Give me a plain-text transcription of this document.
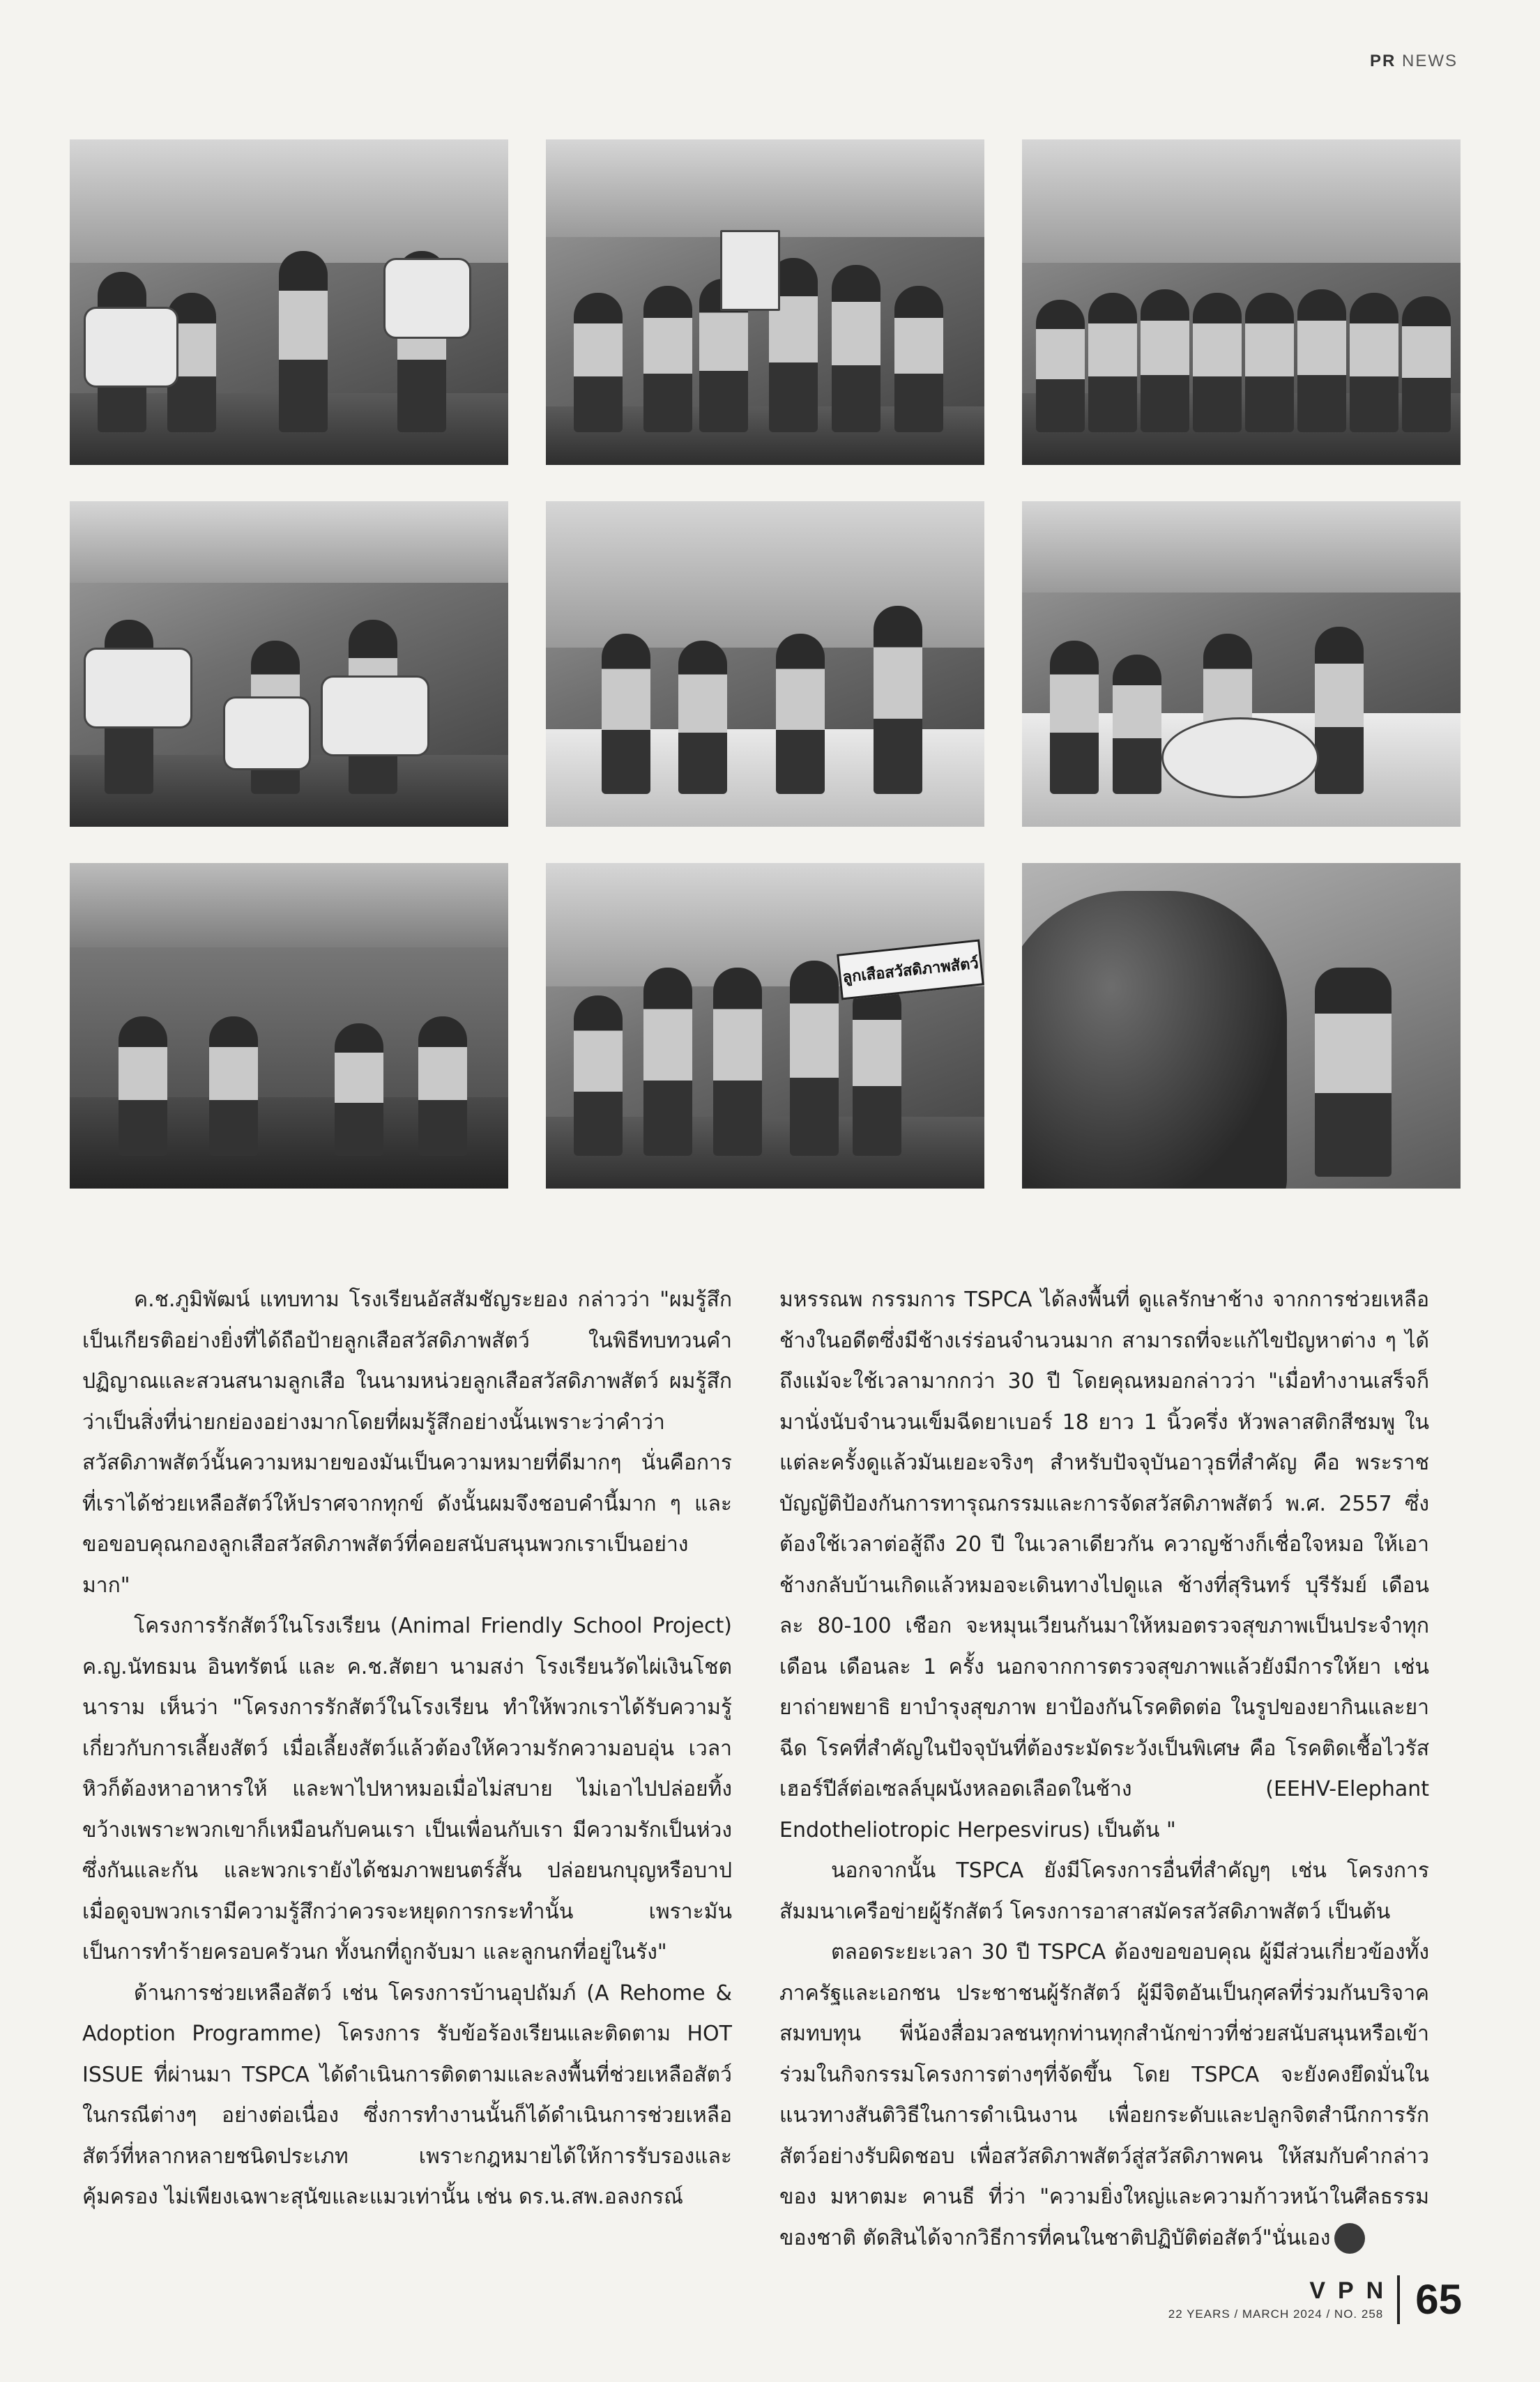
PR NEWS
ลูกเสือสวัสดิภาพสัตว์

ค.ช.ภูมิพัฒน์ แทบทาม โรงเรียนอัสสัมชัญระยอง กล่าวว่า "ผมรู้สึกเป็นเกียรติอย่างยิ่งที่ได้ถือป้ายลูกเสือสวัสดิภาพสัตว์ ในพิธีทบทวนคำปฏิญาณและสวนสนามลูกเสือ ในนามหน่วยลูกเสือสวัสดิภาพสัตว์ ผมรู้สึกว่าเป็นสิ่งที่น่ายกย่องอย่างมากโดยที่ผมรู้สึกอย่างนั้นเพราะว่าคำว่าสวัสดิภาพสัตว์นั้นความหมายของมันเป็นความหมายที่ดีมากๆ นั่นคือการที่เราได้ช่วยเหลือสัตว์ให้ปราศจากทุกข์ ดังนั้นผมจึงชอบคำนี้มาก ๆ และขอขอบคุณกองลูกเสือสวัสดิภาพสัตว์ที่คอยสนับสนุนพวกเราเป็นอย่างมาก"

โครงการรักสัตว์ในโรงเรียน (Animal Friendly School Project) ค.ญ.นัทธมน อินทรัตน์ และ ค.ช.สัตยา นามสง่า โรงเรียนวัดไผ่เงินโชตนาราม เห็นว่า "โครงการรักสัตว์ในโรงเรียน ทำให้พวกเราได้รับความรู้เกี่ยวกับการเลี้ยงสัตว์ เมื่อเลี้ยงสัตว์แล้วต้องให้ความรักความอบอุ่น เวลาหิวก็ต้องหาอาหารให้ และพาไปหาหมอเมื่อไม่สบาย ไม่เอาไปปล่อยทิ้งขว้างเพราะพวกเขาก็เหมือนกับคนเรา เป็นเพื่อนกับเรา มีความรักเป็นห่วงซึ่งกันและกัน และพวกเรายังได้ชมภาพยนตร์สั้น ปล่อยนกบุญหรือบาป เมื่อดูจบพวกเรามีความรู้สึกว่าควรจะหยุดการกระทำนั้น เพราะมันเป็นการทำร้ายครอบครัวนก ทั้งนกที่ถูกจับมา และลูกนกที่อยู่ในรัง"

ด้านการช่วยเหลือสัตว์ เช่น โครงการบ้านอุปถัมภ์ (A Rehome & Adoption Programme) โครงการ รับข้อร้องเรียนและติดตาม HOT ISSUE ที่ผ่านมา TSPCA ได้ดำเนินการติดตามและลงพื้นที่ช่วยเหลือสัตว์ในกรณีต่างๆ อย่างต่อเนื่อง ซึ่งการทำงานนั้นก็ได้ดำเนินการช่วยเหลือสัตว์ที่หลากหลายชนิดประเภท เพราะกฎหมายได้ให้การรับรองและคุ้มครอง ไม่เพียงเฉพาะสุนัขและแมวเท่านั้น เช่น ดร.น.สพ.อลงกรณ์

มหรรณพ กรรมการ TSPCA ได้ลงพื้นที่ ดูแลรักษาช้าง จากการช่วยเหลือช้างในอดีตซึ่งมีช้างเร่ร่อนจำนวนมาก สามารถที่จะแก้ไขปัญหาต่าง ๆ ได้ ถึงแม้จะใช้เวลามากกว่า 30 ปี โดยคุณหมอกล่าวว่า "เมื่อทำงานเสร็จก็มานั่งนับจำนวนเข็มฉีดยาเบอร์ 18 ยาว 1 นิ้วครึ่ง หัวพลาสติกสีชมพู ในแต่ละครั้งดูแล้วมันเยอะจริงๆ สำหรับปัจจุบันอาวุธที่สำคัญ คือ พระราชบัญญัติป้องกันการทารุณกรรมและการจัดสวัสดิภาพสัตว์ พ.ศ. 2557 ซึ่งต้องใช้เวลาต่อสู้ถึง 20 ปี ในเวลาเดียวกัน ควาญช้างก็เชื่อใจหมอ ให้เอาช้างกลับบ้านเกิดแล้วหมอจะเดินทางไปดูแล ช้างที่สุรินทร์ บุรีรัมย์ เดือนละ 80-100 เชือก จะหมุนเวียนกันมาให้หมอตรวจสุขภาพเป็นประจำทุกเดือน เดือนละ 1 ครั้ง นอกจากการตรวจสุขภาพแล้วยังมีการให้ยา เช่น ยาถ่ายพยาธิ ยาบำรุงสุขภาพ ยาป้องกันโรคติดต่อ ในรูปของยากินและยาฉีด โรคที่สำคัญในปัจจุบันที่ต้องระมัดระวังเป็นพิเศษ คือ โรคติดเชื้อไวรัสเฮอร์ปีส์ต่อเซลล์บุผนังหลอดเลือดในช้าง (EEHV-Elephant Endotheliotropic Herpesvirus) เป็นต้น "

นอกจากนั้น TSPCA ยังมีโครงการอื่นที่สำคัญๆ เช่น โครงการสัมมนาเครือข่ายผู้รักสัตว์ โครงการอาสาสมัครสวัสดิภาพสัตว์ เป็นต้น

ตลอดระยะเวลา 30 ปี TSPCA ต้องขอขอบคุณ ผู้มีส่วนเกี่ยวข้องทั้งภาครัฐและเอกชน ประชาชนผู้รักสัตว์ ผู้มีจิตอันเป็นกุศลที่ร่วมกันบริจาคสมทบทุน พี่น้องสื่อมวลชนทุกท่านทุกสำนักข่าวที่ช่วยสนับสนุนหรือเข้าร่วมในกิจกรรมโครงการต่างๆที่จัดขึ้น โดย TSPCA จะยังคงยึดมั่นในแนวทางสันติวิธีในการดำเนินงาน เพื่อยกระดับและปลูกจิตสำนึกการรักสัตว์อย่างรับผิดชอบ เพื่อสวัสดิภาพสัตว์สู่สวัสดิภาพคน ให้สมกับคำกล่าวของ มหาตมะ คานธี ที่ว่า "ความยิ่งใหญ่และความก้าวหน้าในศีลธรรมของชาติ ตัดสินได้จากวิธีการที่คนในชาติปฏิบัติต่อสัตว์"นั่นเอง	VPN

VPN
22 YEARS / MARCH 2024 / NO. 258 65
